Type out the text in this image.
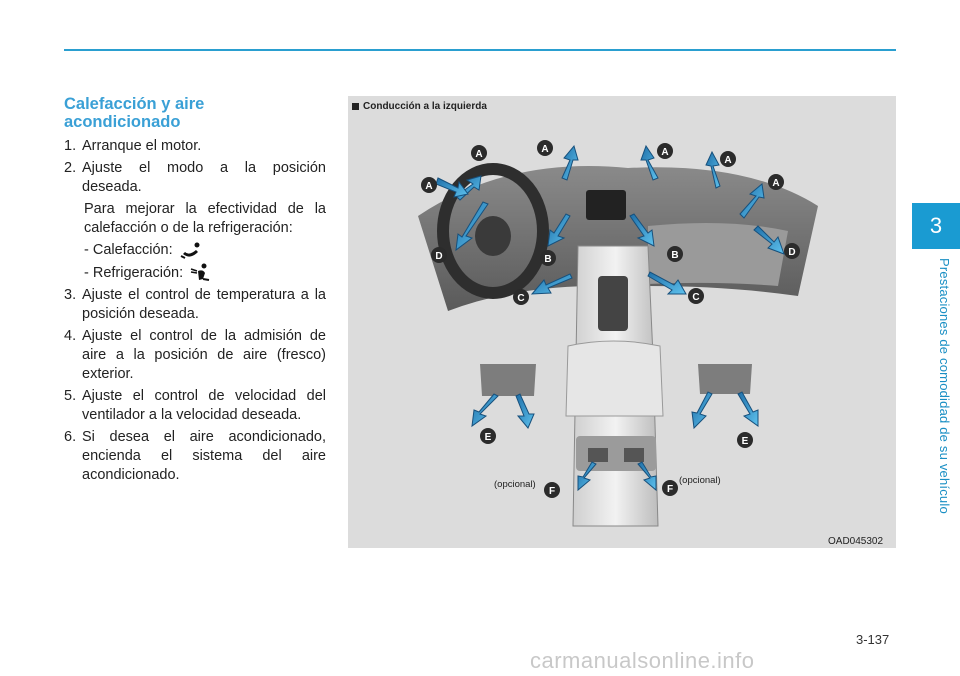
3
Prestaciones de comodidad de su vehículo
Calefacción y aire acondicionado
1. Arranque el motor.
2. Ajuste el modo a la posición deseada.
Para mejorar la efectividad de la calefacción o de la refrigeración:
- Calefacción:
- Refrigeración:
3. Ajuste el control de temperatura a la posición deseada.
4. Ajuste el control de la admisión de aire a la posición de aire (fresco) exterior.
5. Ajuste el control de velocidad del ventilador a la velocidad deseada.
6. Si desea el aire acondicionado, encienda el sistema del aire acondicionado.
A	A	A
A
A	A
D	D
B	B
C	C
E	E
F	F
Conducción a la izquierda
(opcional)	(opcional)
OAD045302
3-137
carmanualsonline.info
